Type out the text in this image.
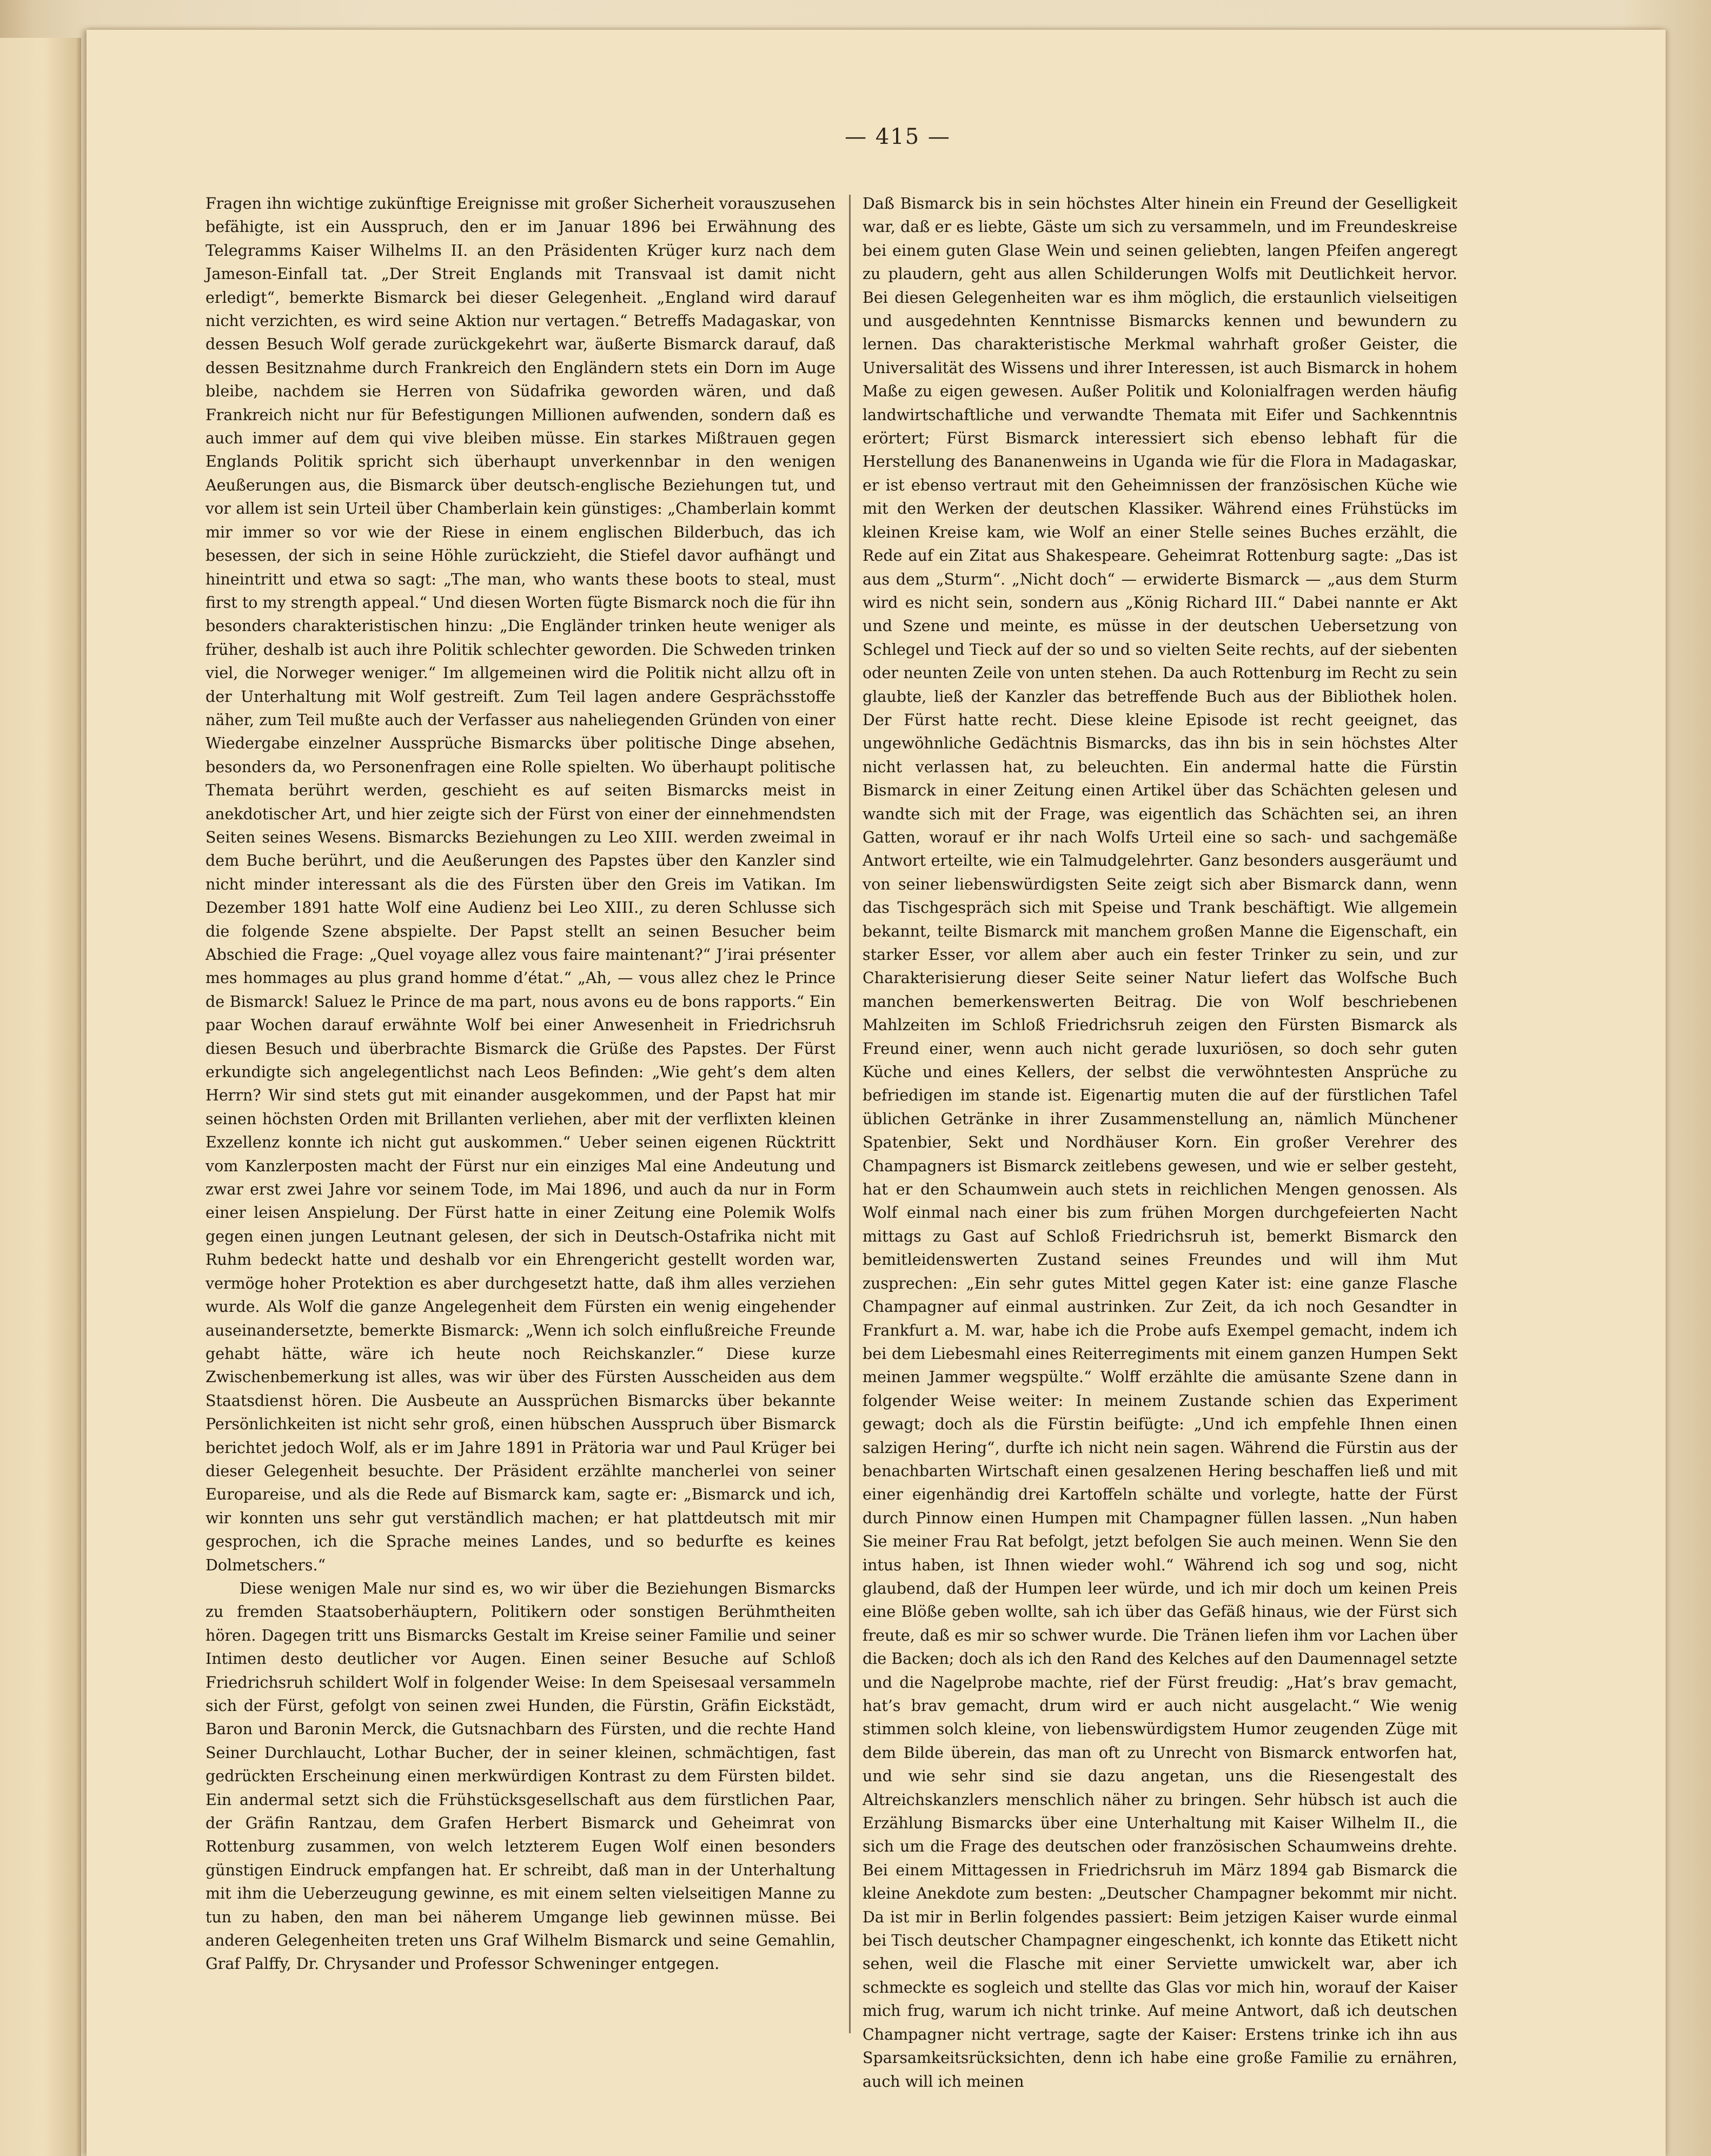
— 415 —

Fragen ihn wichtige zukünftige Ereignisse mit großer Sicherheit vorauszusehen befähigte, ist ein Ausspruch, den er im Januar 1896 bei Erwähnung des Telegramms Kaiser Wilhelms II. an den Präsidenten Krüger kurz nach dem Jameson-Einfall tat. „Der Streit Englands mit Transvaal ist damit nicht erledigt“, bemerkte Bismarck bei dieser Gelegenheit. „England wird darauf nicht verzichten, es wird seine Aktion nur vertagen.“ Betreffs Madagaskar, von dessen Besuch Wolf gerade zurückgekehrt war, äußerte Bismarck darauf, daß dessen Besitznahme durch Frankreich den Engländern stets ein Dorn im Auge bleibe, nachdem sie Herren von Südafrika geworden wären, und daß Frankreich nicht nur für Befestigungen Millionen aufwenden, sondern daß es auch immer auf dem qui vive bleiben müsse. Ein starkes Mißtrauen gegen Englands Politik spricht sich überhaupt unverkennbar in den wenigen Aeußerungen aus, die Bismarck über deutsch-englische Beziehungen tut, und vor allem ist sein Urteil über Chamberlain kein günstiges: „Chamberlain kommt mir immer so vor wie der Riese in einem englischen Bilderbuch, das ich besessen, der sich in seine Höhle zurückzieht, die Stiefel davor aufhängt und hineintritt und etwa so sagt: „The man, who wants these boots to steal, must first to my strength appeal.“ Und diesen Worten fügte Bismarck noch die für ihn besonders charakteristischen hinzu: „Die Engländer trinken heute weniger als früher, deshalb ist auch ihre Politik schlechter geworden. Die Schweden trinken viel, die Norweger weniger.“ Im allgemeinen wird die Politik nicht allzu oft in der Unterhaltung mit Wolf gestreift. Zum Teil lagen andere Gesprächsstoffe näher, zum Teil mußte auch der Verfasser aus naheliegenden Gründen von einer Wiedergabe einzelner Aussprüche Bismarcks über politische Dinge absehen, besonders da, wo Personenfragen eine Rolle spielten. Wo überhaupt politische Themata berührt werden, geschieht es auf seiten Bismarcks meist in anekdotischer Art, und hier zeigte sich der Fürst von einer der einnehmendsten Seiten seines Wesens. Bismarcks Beziehungen zu Leo XIII. werden zweimal in dem Buche berührt, und die Aeußerungen des Papstes über den Kanzler sind nicht minder interessant als die des Fürsten über den Greis im Vatikan. Im Dezember 1891 hatte Wolf eine Audienz bei Leo XIII., zu deren Schlusse sich die folgende Szene abspielte. Der Papst stellt an seinen Besucher beim Abschied die Frage: „Quel voyage allez vous faire maintenant?“ J’irai présenter mes hommages au plus grand homme d’état.“ „Ah, — vous allez chez le Prince de Bismarck! Saluez le Prince de ma part, nous avons eu de bons rapports.“ Ein paar Wochen darauf erwähnte Wolf bei einer Anwesenheit in Friedrichsruh diesen Besuch und überbrachte Bismarck die Grüße des Papstes. Der Fürst erkundigte sich angelegentlichst nach Leos Befinden: „Wie geht’s dem alten Herrn? Wir sind stets gut mit einander ausgekommen, und der Papst hat mir seinen höchsten Orden mit Brillanten verliehen, aber mit der verflixten kleinen Exzellenz konnte ich nicht gut auskommen.“ Ueber seinen eigenen Rücktritt vom Kanzlerposten macht der Fürst nur ein einziges Mal eine Andeutung und zwar erst zwei Jahre vor seinem Tode, im Mai 1896, und auch da nur in Form einer leisen Anspielung. Der Fürst hatte in einer Zeitung eine Polemik Wolfs gegen einen jungen Leutnant gelesen, der sich in Deutsch-Ostafrika nicht mit Ruhm bedeckt hatte und deshalb vor ein Ehrengericht gestellt worden war, vermöge hoher Protektion es aber durchgesetzt hatte, daß ihm alles verziehen wurde. Als Wolf die ganze Angelegenheit dem Fürsten ein wenig eingehender auseinandersetzte, bemerkte Bismarck: „Wenn ich solch einflußreiche Freunde gehabt hätte, wäre ich heute noch Reichskanzler.“ Diese kurze Zwischenbemerkung ist alles, was wir über des Fürsten Ausscheiden aus dem Staatsdienst hören. Die Ausbeute an Aussprüchen Bismarcks über bekannte Persönlichkeiten ist nicht sehr groß, einen hübschen Ausspruch über Bismarck berichtet jedoch Wolf, als er im Jahre 1891 in Prätoria war und Paul Krüger bei dieser Gelegenheit besuchte. Der Präsident erzählte mancherlei von seiner Europareise, und als die Rede auf Bismarck kam, sagte er: „Bismarck und ich, wir konnten uns sehr gut verständlich machen; er hat plattdeutsch mit mir gesprochen, ich die Sprache meines Landes, und so bedurfte es keines Dolmetschers.“

Diese wenigen Male nur sind es, wo wir über die Beziehungen Bismarcks zu fremden Staatsoberhäuptern, Politikern oder sonstigen Berühmtheiten hören. Dagegen tritt uns Bismarcks Gestalt im Kreise seiner Familie und seiner Intimen desto deutlicher vor Augen. Einen seiner Besuche auf Schloß Friedrichsruh schildert Wolf in folgender Weise: In dem Speisesaal versammeln sich der Fürst, gefolgt von seinen zwei Hunden, die Fürstin, Gräfin Eickstädt, Baron und Baronin Merck, die Gutsnachbarn des Fürsten, und die rechte Hand Seiner Durchlaucht, Lothar Bucher, der in seiner kleinen, schmächtigen, fast gedrückten Erscheinung einen merkwürdigen Kontrast zu dem Fürsten bildet. Ein andermal setzt sich die Frühstücksgesellschaft aus dem fürstlichen Paar, der Gräfin Rantzau, dem Grafen Herbert Bismarck und Geheimrat von Rottenburg zusammen, von welch letzterem Eugen Wolf einen besonders günstigen Eindruck empfangen hat. Er schreibt, daß man in der Unterhaltung mit ihm die Ueberzeugung gewinne, es mit einem selten vielseitigen Manne zu tun zu haben, den man bei näherem Umgange lieb gewinnen müsse. Bei anderen Gelegenheiten treten uns Graf Wilhelm Bismarck und seine Gemahlin, Graf Palffy, Dr. Chrysander und Professor Schweninger entgegen.

Daß Bismarck bis in sein höchstes Alter hinein ein Freund der Geselligkeit war, daß er es liebte, Gäste um sich zu versammeln, und im Freundeskreise bei einem guten Glase Wein und seinen geliebten, langen Pfeifen angeregt zu plaudern, geht aus allen Schilderungen Wolfs mit Deutlichkeit hervor. Bei diesen Gelegenheiten war es ihm möglich, die erstaunlich vielseitigen und ausgedehnten Kenntnisse Bismarcks kennen und bewundern zu lernen. Das charakteristische Merkmal wahrhaft großer Geister, die Universalität des Wissens und ihrer Interessen, ist auch Bismarck in hohem Maße zu eigen gewesen. Außer Politik und Kolonialfragen werden häufig landwirtschaftliche und verwandte Themata mit Eifer und Sachkenntnis erörtert; Fürst Bismarck interessiert sich ebenso lebhaft für die Herstellung des Bananenweins in Uganda wie für die Flora in Madagaskar, er ist ebenso vertraut mit den Geheimnissen der französischen Küche wie mit den Werken der deutschen Klassiker. Während eines Frühstücks im kleinen Kreise kam, wie Wolf an einer Stelle seines Buches erzählt, die Rede auf ein Zitat aus Shakespeare. Geheimrat Rottenburg sagte: „Das ist aus dem „Sturm“. „Nicht doch“ — erwiderte Bismarck — „aus dem Sturm wird es nicht sein, sondern aus „König Richard III.“ Dabei nannte er Akt und Szene und meinte, es müsse in der deutschen Uebersetzung von Schlegel und Tieck auf der so und so vielten Seite rechts, auf der siebenten oder neunten Zeile von unten stehen. Da auch Rottenburg im Recht zu sein glaubte, ließ der Kanzler das betreffende Buch aus der Bibliothek holen. Der Fürst hatte recht. Diese kleine Episode ist recht geeignet, das ungewöhnliche Gedächtnis Bismarcks, das ihn bis in sein höchstes Alter nicht verlassen hat, zu beleuchten. Ein andermal hatte die Fürstin Bismarck in einer Zeitung einen Artikel über das Schächten gelesen und wandte sich mit der Frage, was eigentlich das Schächten sei, an ihren Gatten, worauf er ihr nach Wolfs Urteil eine so sach- und sachgemäße Antwort erteilte, wie ein Talmudgelehrter. Ganz besonders ausgeräumt und von seiner liebenswürdigsten Seite zeigt sich aber Bismarck dann, wenn das Tischgespräch sich mit Speise und Trank beschäftigt. Wie allgemein bekannt, teilte Bismarck mit manchem großen Manne die Eigenschaft, ein starker Esser, vor allem aber auch ein fester Trinker zu sein, und zur Charakterisierung dieser Seite seiner Natur liefert das Wolfsche Buch manchen bemerkenswerten Beitrag. Die von Wolf beschriebenen Mahlzeiten im Schloß Friedrichsruh zeigen den Fürsten Bismarck als Freund einer, wenn auch nicht gerade luxuriösen, so doch sehr guten Küche und eines Kellers, der selbst die verwöhntesten Ansprüche zu befriedigen im stande ist. Eigenartig muten die auf der fürstlichen Tafel üblichen Getränke in ihrer Zusammenstellung an, nämlich Münchener Spatenbier, Sekt und Nordhäuser Korn. Ein großer Verehrer des Champagners ist Bismarck zeitlebens gewesen, und wie er selber gesteht, hat er den Schaumwein auch stets in reichlichen Mengen genossen. Als Wolf einmal nach einer bis zum frühen Morgen durchgefeierten Nacht mittags zu Gast auf Schloß Friedrichsruh ist, bemerkt Bismarck den bemitleidenswerten Zustand seines Freundes und will ihm Mut zusprechen: „Ein sehr gutes Mittel gegen Kater ist: eine ganze Flasche Champagner auf einmal austrinken. Zur Zeit, da ich noch Gesandter in Frankfurt a. M. war, habe ich die Probe aufs Exempel gemacht, indem ich bei dem Liebesmahl eines Reiterregiments mit einem ganzen Humpen Sekt meinen Jammer wegspülte.“ Wolff erzählte die amüsante Szene dann in folgender Weise weiter: In meinem Zustande schien das Experiment gewagt; doch als die Fürstin beifügte: „Und ich empfehle Ihnen einen salzigen Hering“, durfte ich nicht nein sagen. Während die Fürstin aus der benachbarten Wirtschaft einen gesalzenen Hering beschaffen ließ und mit einer eigenhändig drei Kartoffeln schälte und vorlegte, hatte der Fürst durch Pinnow einen Humpen mit Champagner füllen lassen. „Nun haben Sie meiner Frau Rat befolgt, jetzt befolgen Sie auch meinen. Wenn Sie den intus haben, ist Ihnen wieder wohl.“ Während ich sog und sog, nicht glaubend, daß der Humpen leer würde, und ich mir doch um keinen Preis eine Blöße geben wollte, sah ich über das Gefäß hinaus, wie der Fürst sich freute, daß es mir so schwer wurde. Die Tränen liefen ihm vor Lachen über die Backen; doch als ich den Rand des Kelches auf den Daumennagel setzte und die Nagelprobe machte, rief der Fürst freudig: „Hat’s brav gemacht, hat’s brav gemacht, drum wird er auch nicht ausgelacht.“ Wie wenig stimmen solch kleine, von liebenswürdigstem Humor zeugenden Züge mit dem Bilde überein, das man oft zu Unrecht von Bismarck entworfen hat, und wie sehr sind sie dazu angetan, uns die Riesengestalt des Altreichskanzlers menschlich näher zu bringen. Sehr hübsch ist auch die Erzählung Bismarcks über eine Unterhaltung mit Kaiser Wilhelm II., die sich um die Frage des deutschen oder französischen Schaumweins drehte. Bei einem Mittagessen in Friedrichsruh im März 1894 gab Bismarck die kleine Anekdote zum besten: „Deutscher Champagner bekommt mir nicht. Da ist mir in Berlin folgendes passiert: Beim jetzigen Kaiser wurde einmal bei Tisch deutscher Champagner eingeschenkt, ich konnte das Etikett nicht sehen, weil die Flasche mit einer Serviette umwickelt war, aber ich schmeckte es sogleich und stellte das Glas vor mich hin, worauf der Kaiser mich frug, warum ich nicht trinke. Auf meine Antwort, daß ich deutschen Champagner nicht vertrage, sagte der Kaiser: Erstens trinke ich ihn aus Sparsamkeitsrücksichten, denn ich habe eine große Familie zu ernähren, auch will ich meinen
